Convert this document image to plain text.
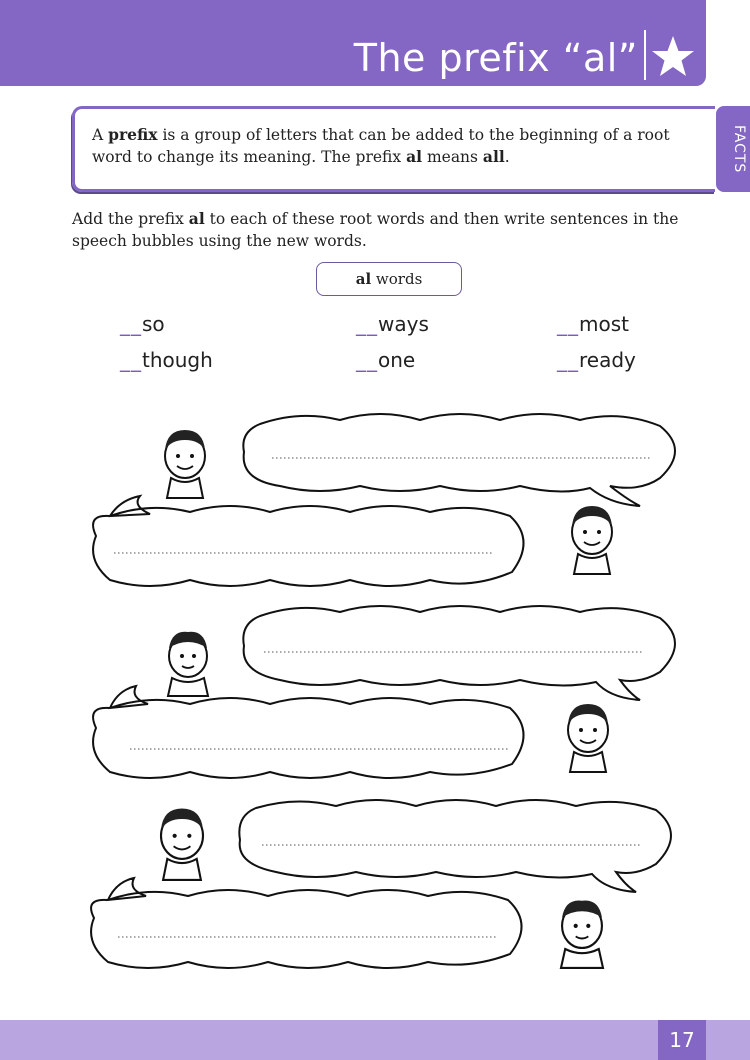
The prefix “al”
FACTS
A prefix is a group of letters that can be added to the beginning of a root word to change its meaning. The prefix al means all.
Add the prefix al to each of these root words and then write sentences in the speech bubbles using the new words.
al words
__so	__ways	__most
__though	__one	__ready
17
